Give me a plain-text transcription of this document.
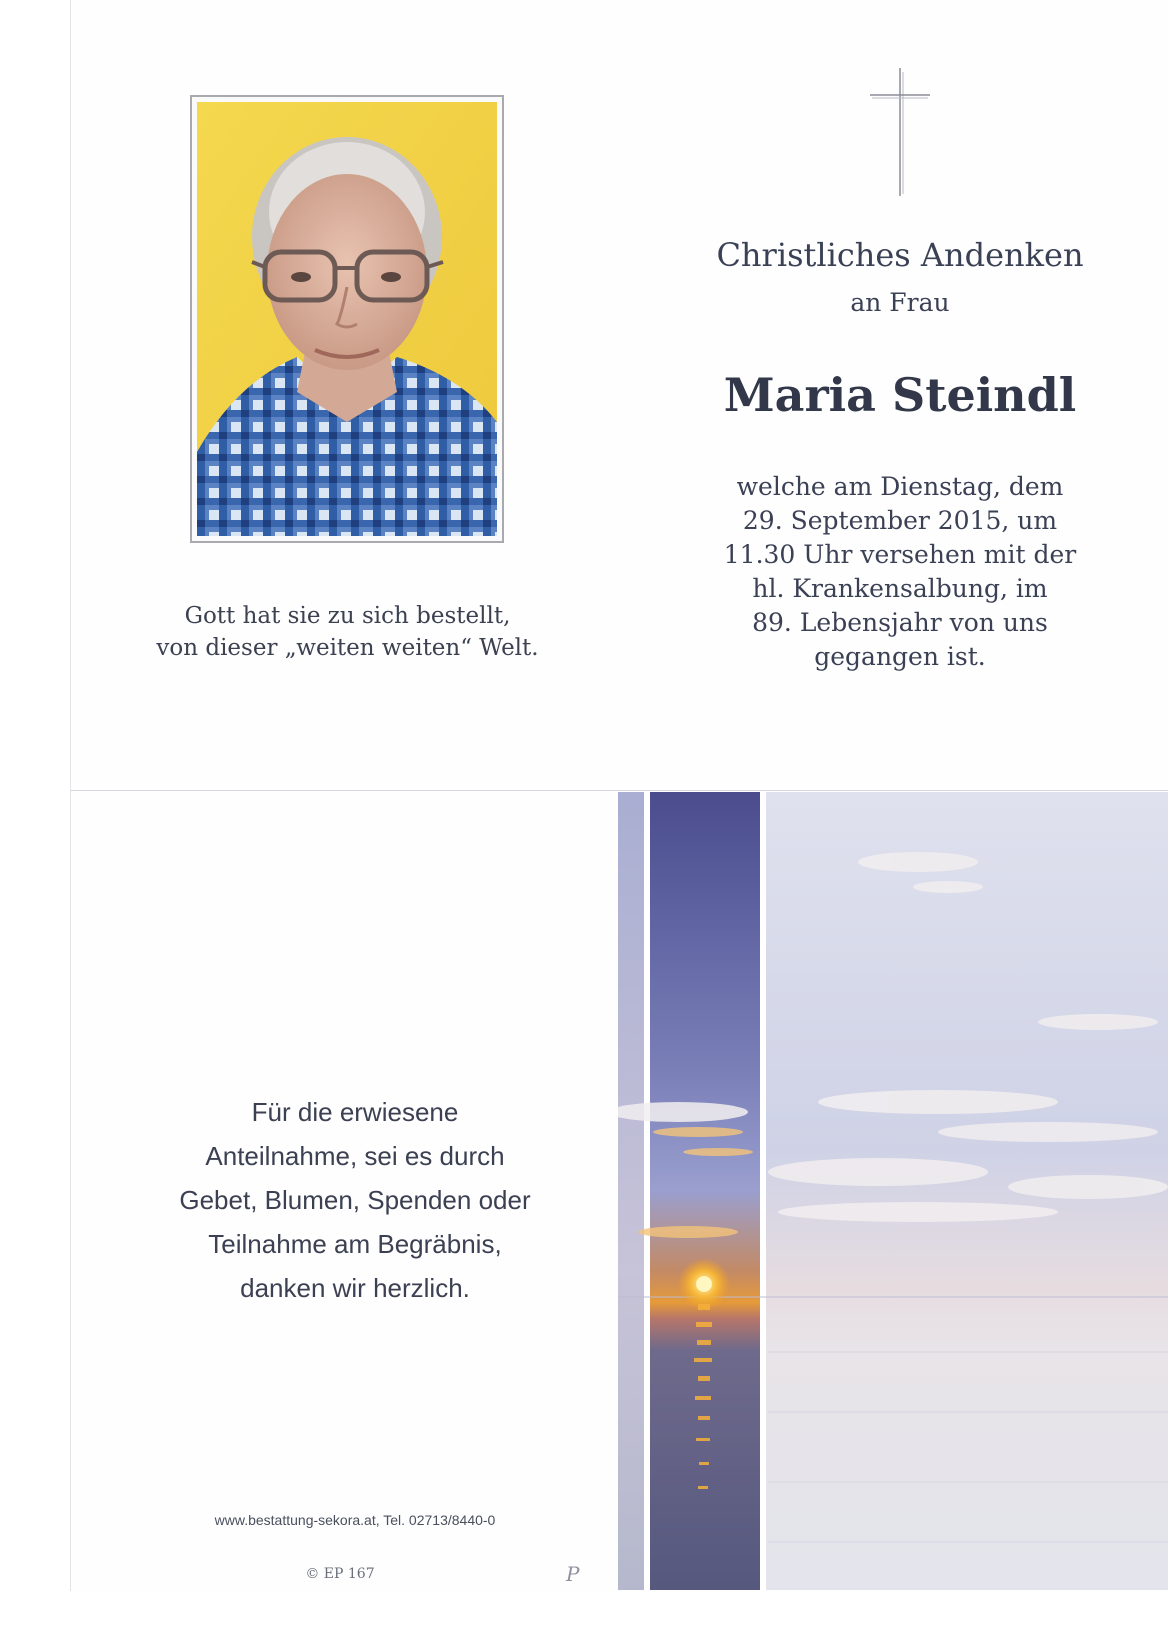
Gott hat sie zu sich bestellt,
von dieser „weiten weiten“ Welt.
Christliches Andenken
an Frau
Maria Steindl
welche am Dienstag, dem
29. September 2015, um
11.30 Uhr versehen mit der
hl. Krankensalbung, im
89. Lebensjahr von uns
gegangen ist.
Für die erwiesene
Anteilnahme, sei es durch
Gebet, Blumen, Spenden oder
Teilnahme am Begräbnis,
danken wir herzlich.
www.bestattung-sekora.at, Tel. 02713/8440-0
© EP 167	P
